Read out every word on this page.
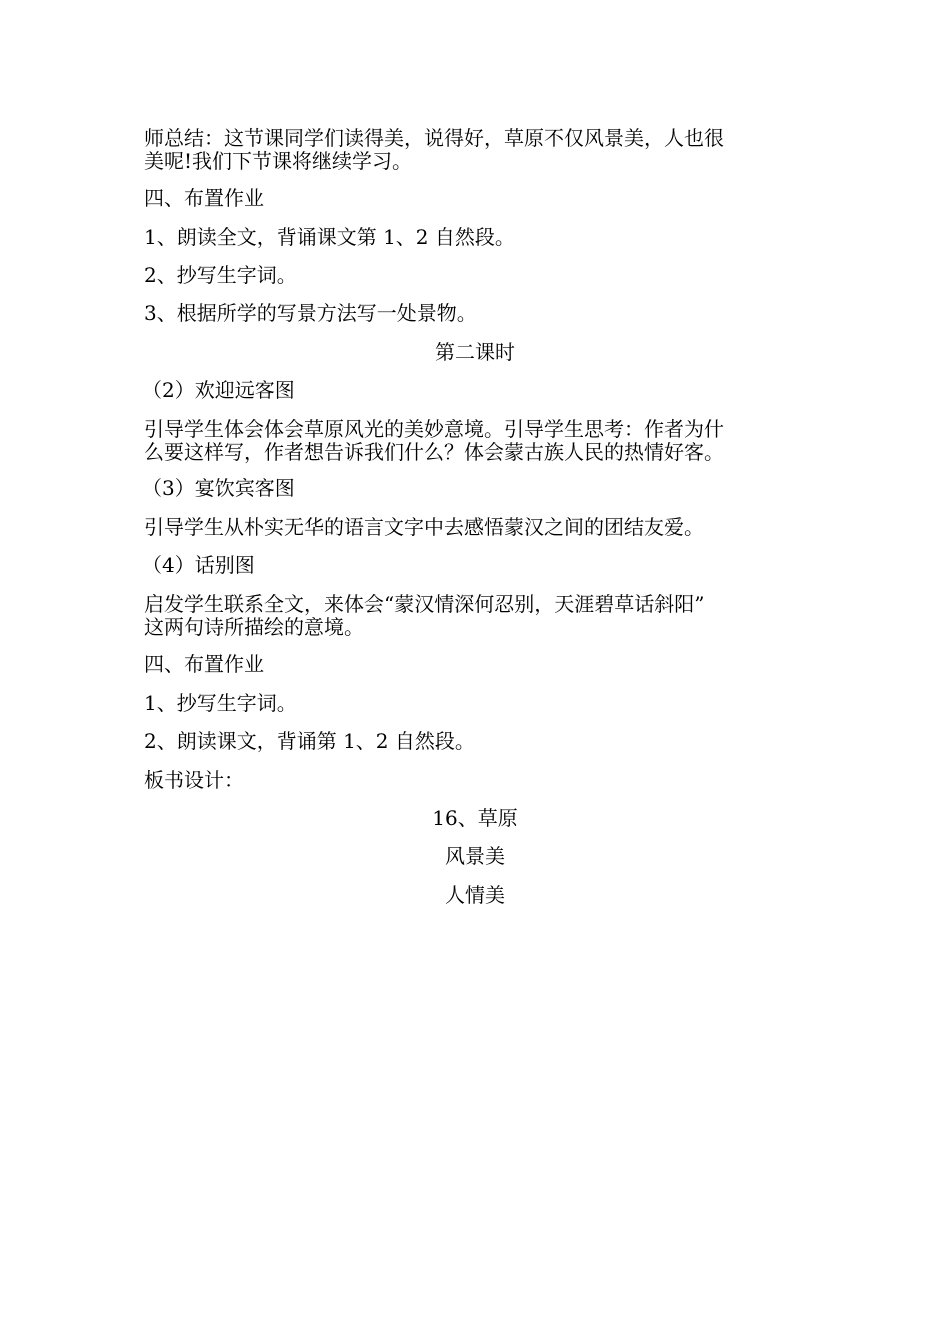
师总结：这节课同学们读得美，说得好，草原不仅风景美，人也很
美呢!我们下节课将继续学习。
四、布置作业
1、朗读全文，背诵课文第 1、2 自然段。
2、抄写生字词。
3、根据所学的写景方法写一处景物。
第二课时
（2）欢迎远客图
引导学生体会体会草原风光的美妙意境。引导学生思考：作者为什
么要这样写，作者想告诉我们什么？体会蒙古族人民的热情好客。
（3）宴饮宾客图
引导学生从朴实无华的语言文字中去感悟蒙汉之间的团结友爱。
（4）话别图
启发学生联系全文，来体会“蒙汉情深何忍别，天涯碧草话斜阳”
这两句诗所描绘的意境。
四、布置作业
1、抄写生字词。
2、朗读课文，背诵第 1、2 自然段。
板书设计：
16、草原
风景美
人情美
